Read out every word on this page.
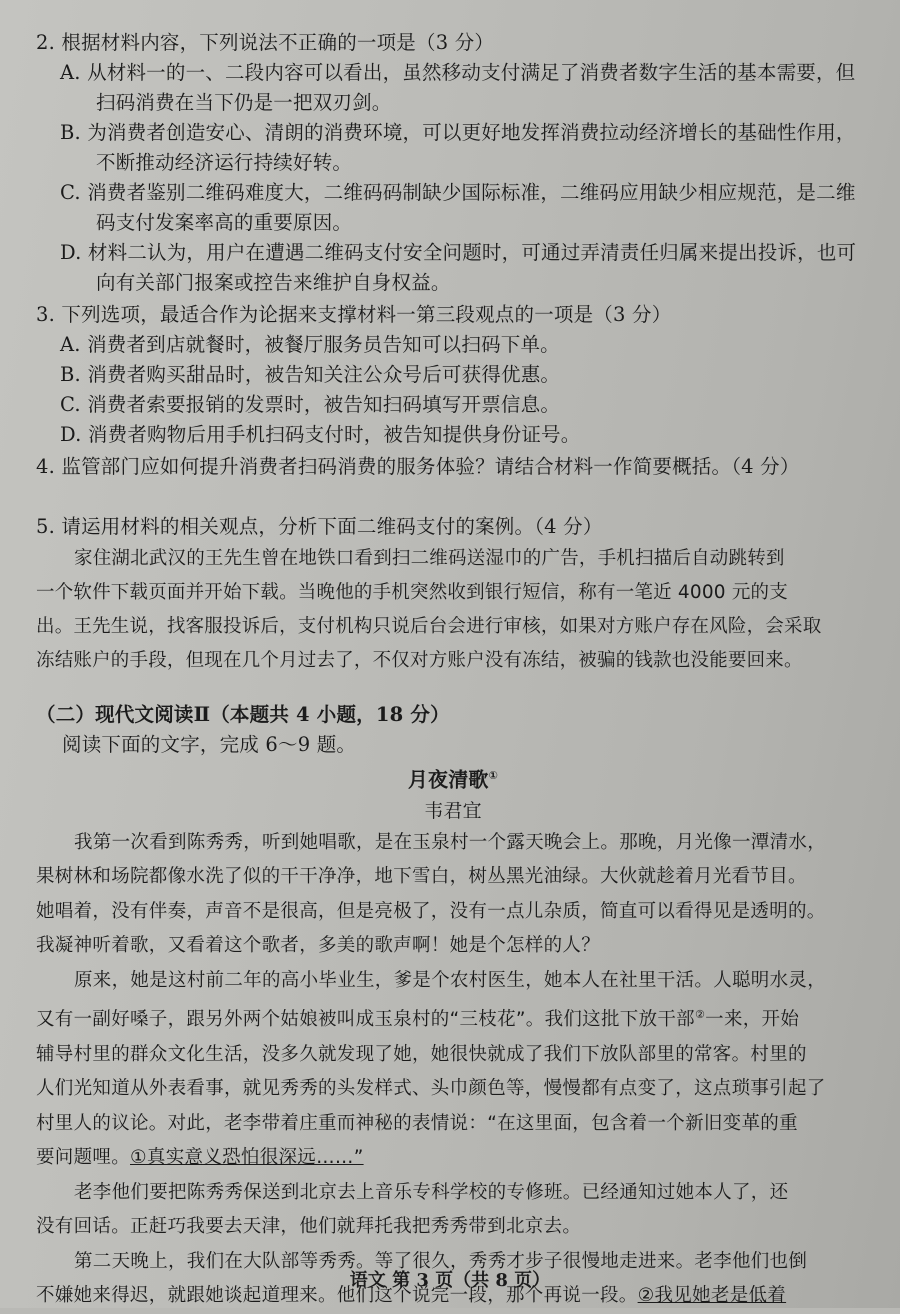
2. 根据材料内容，下列说法不正确的一项是（3 分）

A. 从材料一的一、二段内容可以看出，虽然移动支付满足了消费者数字生活的基本需要，但

扫码消费在当下仍是一把双刃剑。

B. 为消费者创造安心、清朗的消费环境，可以更好地发挥消费拉动经济增长的基础性作用，

不断推动经济运行持续好转。

C. 消费者鉴别二维码难度大，二维码码制缺少国际标准，二维码应用缺少相应规范，是二维

码支付发案率高的重要原因。

D. 材料二认为，用户在遭遇二维码支付安全问题时，可通过弄清责任归属来提出投诉，也可

向有关部门报案或控告来维护自身权益。

3. 下列选项，最适合作为论据来支撑材料一第三段观点的一项是（3 分）

A. 消费者到店就餐时，被餐厅服务员告知可以扫码下单。

B. 消费者购买甜品时，被告知关注公众号后可获得优惠。

C. 消费者索要报销的发票时，被告知扫码填写开票信息。

D. 消费者购物后用手机扫码支付时，被告知提供身份证号。

4. 监管部门应如何提升消费者扫码消费的服务体验？请结合材料一作简要概括。（4 分）

5. 请运用材料的相关观点，分析下面二维码支付的案例。（4 分）

家住湖北武汉的王先生曾在地铁口看到扫二维码送湿巾的广告，手机扫描后自动跳转到

一个软件下载页面并开始下载。当晚他的手机突然收到银行短信，称有一笔近 4000 元的支

出。王先生说，找客服投诉后，支付机构只说后台会进行审核，如果对方账户存在风险，会采取

冻结账户的手段，但现在几个月过去了，不仅对方账户没有冻结，被骗的钱款也没能要回来。

（二）现代文阅读Ⅱ（本题共 4 小题，18 分）

阅读下面的文字，完成 6～9 题。

月夜清歌①

韦君宜

我第一次看到陈秀秀，听到她唱歌，是在玉泉村一个露天晚会上。那晚，月光像一潭清水，

果树林和场院都像水洗了似的干干净净，地下雪白，树丛黑光油绿。大伙就趁着月光看节目。

她唱着，没有伴奏，声音不是很高，但是亮极了，没有一点儿杂质，简直可以看得见是透明的。

我凝神听着歌，又看着这个歌者，多美的歌声啊！她是个怎样的人？

原来，她是这村前二年的高小毕业生，爹是个农村医生，她本人在社里干活。人聪明水灵，

又有一副好嗓子，跟另外两个姑娘被叫成玉泉村的“三枝花”。我们这批下放干部②一来，开始

辅导村里的群众文化生活，没多久就发现了她，她很快就成了我们下放队部里的常客。村里的

人们光知道从外表看事，就见秀秀的头发样式、头巾颜色等，慢慢都有点变了，这点琐事引起了

村里人的议论。对此，老李带着庄重而神秘的表情说：“在这里面，包含着一个新旧变革的重

要问题哩。①真实意义恐怕很深远……”

老李他们要把陈秀秀保送到北京去上音乐专科学校的专修班。已经通知过她本人了，还

没有回话。正赶巧我要去天津，他们就拜托我把秀秀带到北京去。

第二天晚上，我们在大队部等秀秀。等了很久，秀秀才步子很慢地走进来。老李他们也倒

不嫌她来得迟，就跟她谈起道理来。他们这个说完一段，那个再说一段。②我见她老是低着

语文 第 3 页（共 8 页）
